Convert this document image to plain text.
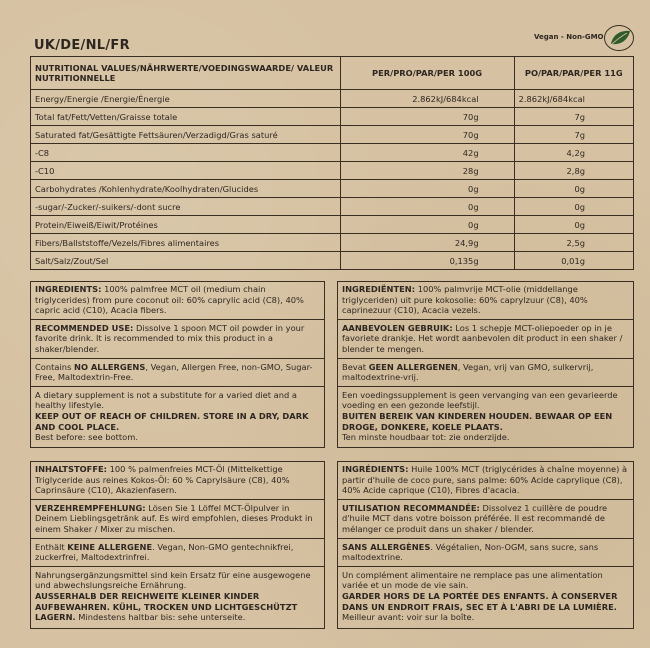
UK/DE/NL/FR
Vegan - Non-GMO
NUTRITIONAL VALUES/NÄHRWERTE/VOEDINGSWAARDE/ VALEUR NUTRITIONNELLE	PER/PRO/PAR/PER 100G	PO/PAR/PAR/PER 11G
Energy/Energie /Energie/Énergie	2.862kJ/684kcal	2.862kJ/684kcal
Total fat/Fett/Vetten/Graisse totale	70g	7g
Saturated fat/Gesättigte Fettsäuren/Verzadigd/Gras saturé	70g	7g
-C8	42g	4,2g
-C10	28g	2,8g
Carbohydrates /Kohlenhydrate/Koolhydraten/Glucides	0g	0g
-sugar/-Zucker/-suikers/-dont sucre	0g	0g
Protein/Eiweiß/Eiwit/Protéines	0g	0g
Fibers/Ballststoffe/Vezels/Fibres alimentaires	24,9g	2,5g
Salt/Salz/Zout/Sel	0,135g	0,01g

INGREDIENTS: 100% palmfree MCT oil (medium chain triglycerides) from pure coconut oil: 60% caprylic acid (C8), 40% capric acid (C10), Acacia fibers.

RECOMMENDED USE: Dissolve 1 spoon MCT oil powder in your favorite drink. It is recommended to mix this product in a shaker/blender.

Contains NO ALLERGENS, Vegan, Allergen Free, non-GMO, Sugar-Free, Maltodextrin-Free.

A dietary supplement is not a substitute for a varied diet and a healthy lifestyle.
KEEP OUT OF REACH OF CHILDREN. STORE IN A DRY, DARK AND COOL PLACE.
Best before: see bottom.

INGREDIËNTEN: 100% palmvrije MCT-olie (middellange triglyceriden) uit pure kokosolie: 60% caprylzuur (C8), 40% caprinezuur (C10), Acacia vezels.

AANBEVOLEN GEBRUIK: Los 1 schepje MCT-oliepoeder op in je favoriete drankje. Het wordt aanbevolen dit product in een shaker / blender te mengen.

Bevat GEEN ALLERGENEN, Vegan, vrij van GMO, sulkervrij, maltodextrine-vrij.

Een voedingssupplement is geen vervanging van een gevarieerde voeding en een gezonde leefstijl.
BUITEN BEREIK VAN KINDEREN HOUDEN. BEWAAR OP EEN DROGE, DONKERE, KOELE PLAATS.
Ten minste houdbaar tot: zie onderzijde.

INHALTSTOFFE: 100 % palmenfreies MCT-Öl (Mittelkettige Triglyceride aus reines Kokos-Öl: 60 % Caprylsäure (C8), 40% Caprinsäure (C10), Akazienfasern.

VERZEHREMPFEHLUNG: Lösen Sie 1 Löffel MCT-Ölpulver in Deinem Lieblingsgetränk auf. Es wird empfohlen, dieses Produkt in einem Shaker / Mixer zu mischen.

Enthält KEINE ALLERGENE. Vegan, Non-GMO gentechnikfrei, zuckerfrei, Maltodextrinfrei.

Nahrungsergänzungsmittel sind kein Ersatz für eine ausgewogene und abwechslungsreiche Ernährung.
AUSSERHALB DER REICHWEITE KLEINER KINDER AUFBEWAHREN. KÜHL, TROCKEN UND LICHTGESCHÜTZT LAGERN. Mindestens haltbar bis: sehe unterseite.

INGRÉDIENTS: Huile 100% MCT (triglycérides à chaîne moyenne) à partir d'huile de coco pure, sans palme: 60% Acide caprylique (C8), 40% Acide caprique (C10), Fibres d'acacia.

UTILISATION RECOMMANDÉE: Dissolvez 1 cuillère de poudre d'huile MCT dans votre boisson préférée. Il est recommandé de mélanger ce produit dans un shaker / blender.

SANS ALLERGÈNES. Végétalien, Non-OGM, sans sucre, sans maltodextrine.

Un complément alimentaire ne remplace pas une alimentation variée et un mode de vie sain.
GARDER HORS DE LA PORTÉE DES ENFANTS. À CONSERVER DANS UN ENDROIT FRAIS, SEC ET À L'ABRI DE LA LUMIÈRE.
Meilleur avant: voir sur la boîte.
